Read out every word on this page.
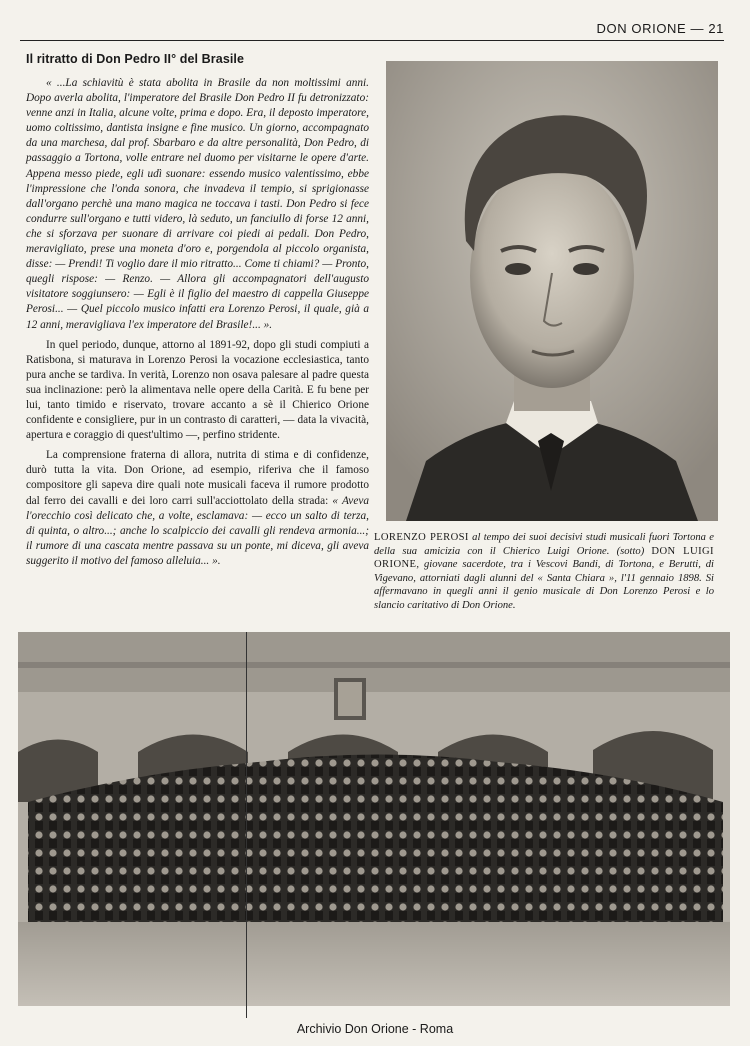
DON ORIONE — 21
Il ritratto di Don Pedro II° del Brasile

« ...La schiavitù è stata abolita in Brasile da non moltissimi anni. Dopo averla abolita, l'imperatore del Brasile Don Pedro II fu detronizzato: venne anzi in Italia, alcune volte, prima e dopo. Era, il deposto imperatore, uomo coltissimo, dantista insigne e fine musico. Un giorno, accompagnato da una marchesa, dal prof. Sbarbaro e da altre personalità, Don Pedro, di passaggio a Tortona, volle entrare nel duomo per visitarne le opere d'arte. Appena messo piede, egli udì suonare: essendo musico valentissimo, ebbe l'impressione che l'onda sonora, che invadeva il tempio, si sprigionasse dall'organo perchè una mano magica ne toccava i tasti. Don Pedro si fece condurre sull'organo e tutti videro, là seduto, un fanciullo di forse 12 anni, che si sforzava per suonare di arrivare coi piedi ai pedali. Don Pedro, meravigliato, prese una moneta d'oro e, porgendola al piccolo organista, disse: — Prendi! Ti voglio dare il mio ritratto... Come ti chiami? — Pronto, quegli rispose: — Renzo. — Allora gli accompagnatori dell'augusto visitatore soggiunsero: — Egli è il figlio del maestro di cappella Giuseppe Perosi... — Quel piccolo musico infatti era Lorenzo Perosi, il quale, già a 12 anni, meravigliava l'ex imperatore del Brasile!... ».

In quel periodo, dunque, attorno al 1891-92, dopo gli studi compiuti a Ratisbona, si maturava in Lorenzo Perosi la vocazione ecclesiastica, tanto pura anche se tardiva. In verità, Lorenzo non osava palesare al padre questa sua inclinazione: però la alimentava nelle opere della Carità. E fu bene per lui, tanto timido e riservato, trovare accanto a sè il Chierico Orione confidente e consigliere, pur in un contrasto di caratteri, — data la vivacità, apertura e coraggio di quest'ultimo —, perfino stridente.

La comprensione fraterna di allora, nutrita di stima e di confidenze, durò tutta la vita. Don Orione, ad esempio, riferiva che il famoso compositore gli sapeva dire quali note musicali faceva il rumore prodotto dal ferro dei cavalli e dei loro carri sull'acciottolato della strada: « Aveva l'orecchio così delicato che, a volte, esclamava: — ecco un salto di terza, di quinta, o altro...; anche lo scalpiccio dei cavalli gli rendeva armonia...; il rumore di una cascata mentre passava su un ponte, mi diceva, gli aveva suggerito il motivo del famoso alleluia... ».

LORENZO PEROSI al tempo dei suoi decisivi studi musicali fuori Tortona e della sua amicizia con il Chierico Luigi Orione. (sotto) DON LUIGI ORIONE, giovane sacerdote, tra i Vescovi Bandi, di Tortona, e Berutti, di Vigevano, attorniati dagli alunni del « Santa Chiara », l'11 gennaio 1898. Si affermavano in quegli anni il genio musicale di Don Lorenzo Perosi e lo slancio caritativo di Don Orione.

Archivio Don Orione - Roma
